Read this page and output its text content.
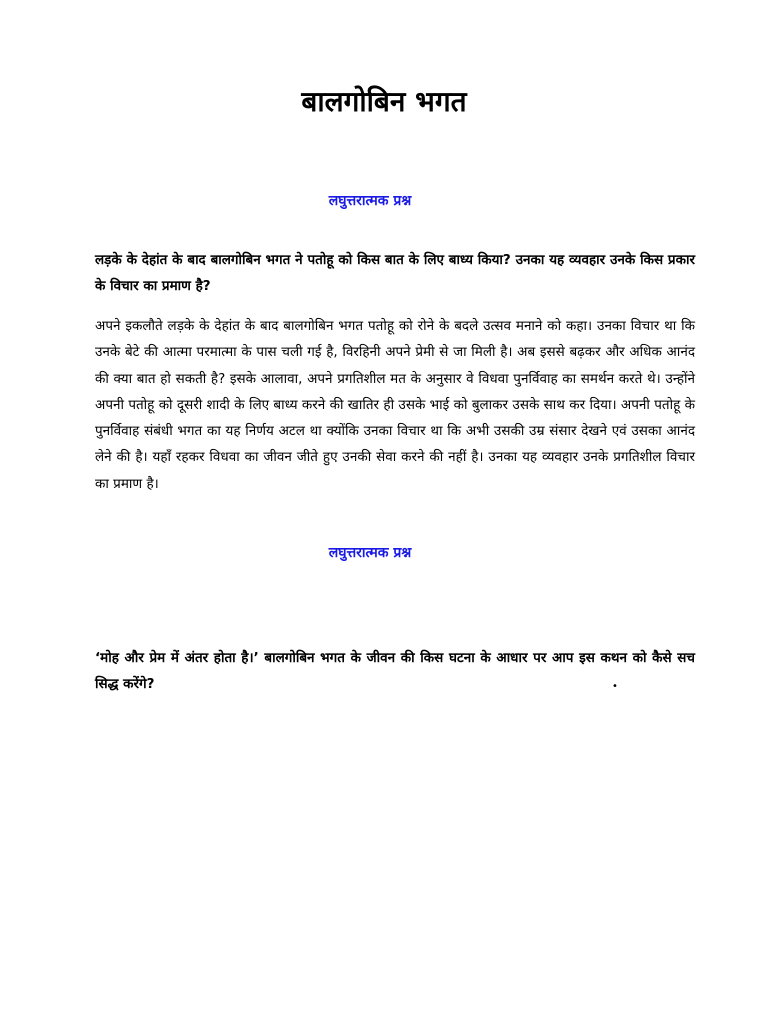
बालगोबिन भगत
लघुत्तरात्मक प्रश्न

लड़के के देहांत के बाद बालगोबिन भगत ने पतोहू को किस बात के लिए बाध्य किया? उनका यह व्यवहार उनके किस प्रकार के विचार का प्रमाण है?

अपने इकलौते लड़के के देहांत के बाद बालगोबिन भगत पतोहू को रोने के बदले उत्सव मनाने को कहा। उनका विचार था कि उनके बेटे की आत्मा परमात्मा के पास चली गई है, विरहिनी अपने प्रेमी से जा मिली है। अब इससे बढ़कर और अधिक आनंद की क्या बात हो सकती है? इसके आलावा, अपने प्रगतिशील मत के अनुसार वे विधवा पुनर्विवाह का समर्थन करते थे। उन्होंने अपनी पतोहू को दूसरी शादी के लिए बाध्य करने की खातिर ही उसके भाई को बुलाकर उसके साथ कर दिया। अपनी पतोहू के पुनर्विवाह संबंधी भगत का यह निर्णय अटल था क्योंकि उनका विचार था कि अभी उसकी उम्र संसार देखने एवं उसका आनंद लेने की है। यहाँ रहकर विधवा का जीवन जीते हुए उनकी सेवा करने की नहीं है। उनका यह व्यवहार उनके प्रगतिशील विचार का प्रमाण है।

लघुत्तरात्मक प्रश्न

‘मोह और प्रेम में अंतर होता है।’ बालगोबिन भगत के जीवन की किस घटना के आधार पर आप इस कथन को कैसे सच सिद्ध करेंगे?	•
